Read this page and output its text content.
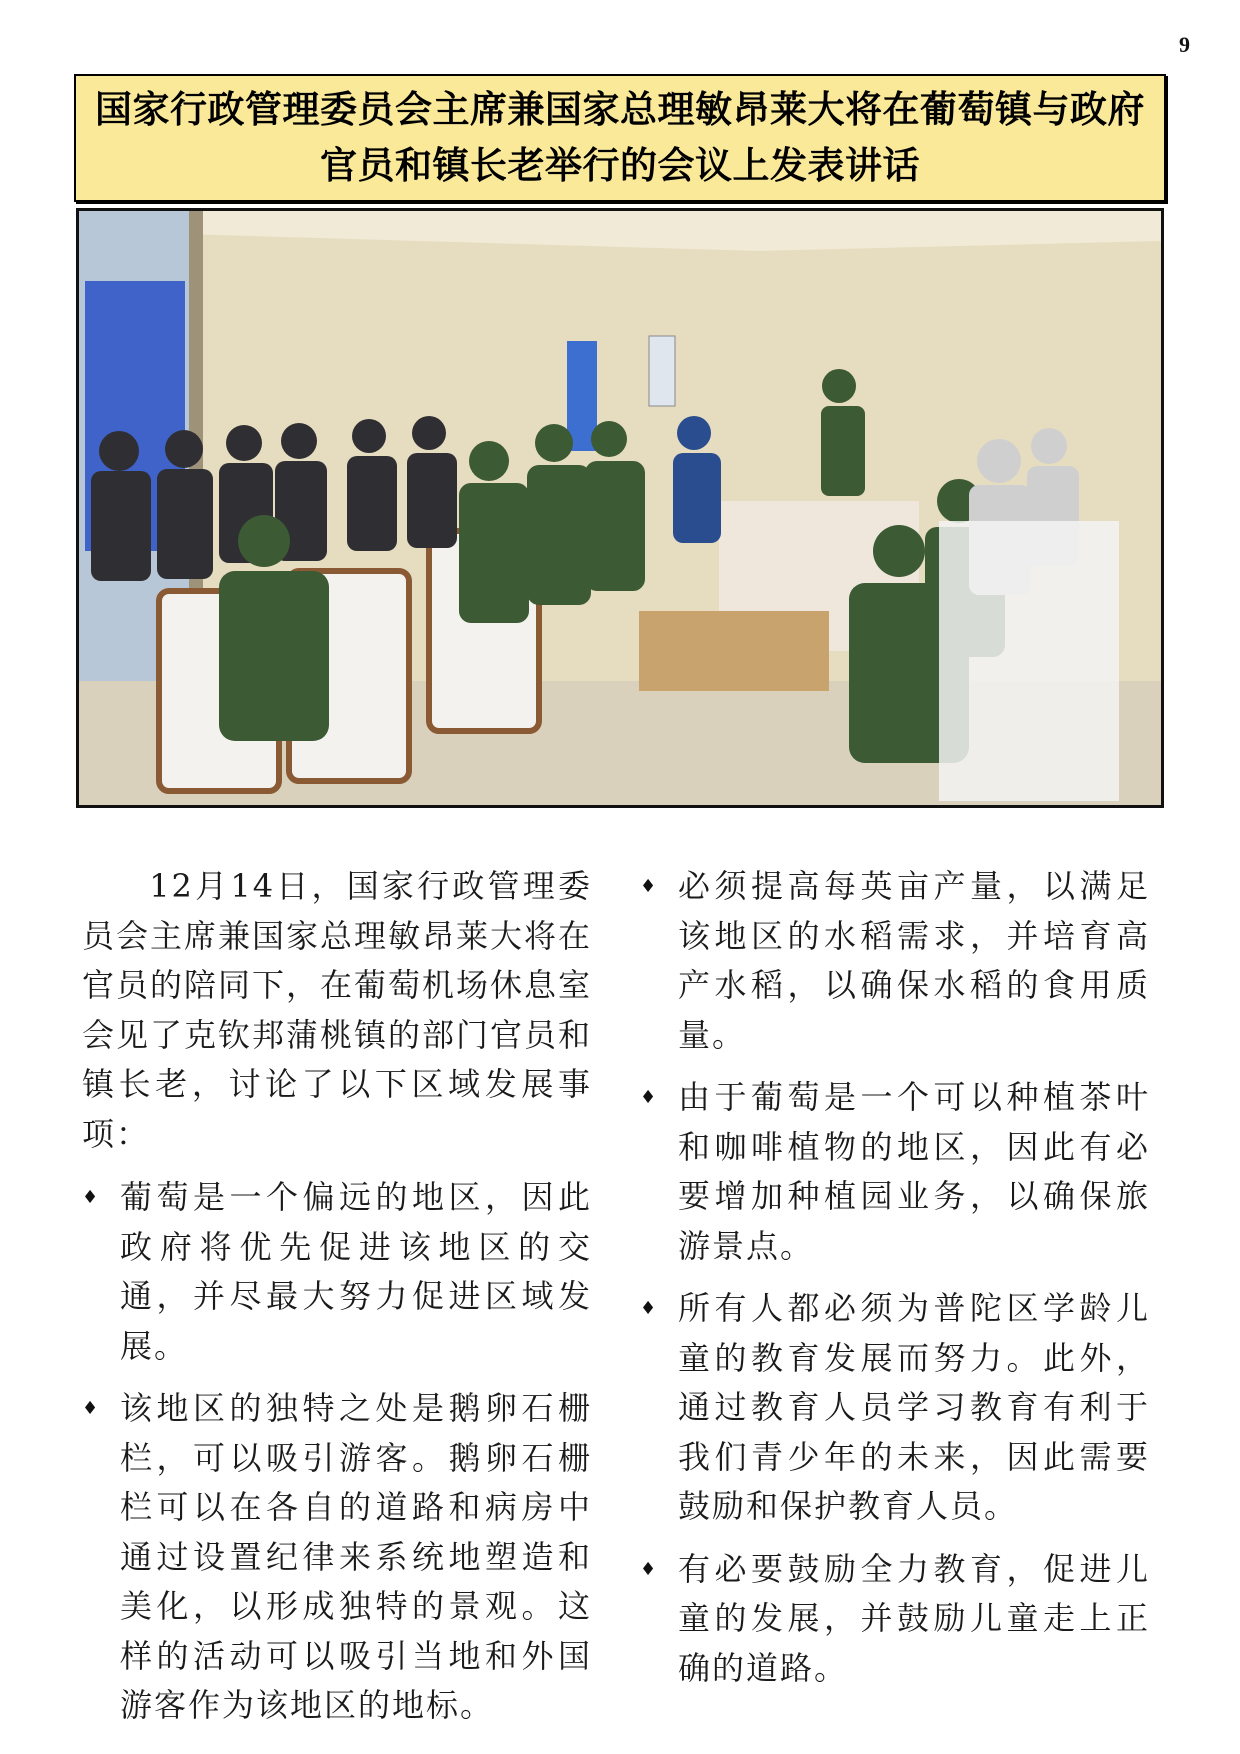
9
国家行政管理委员会主席兼国家总理敏昂莱大将在葡萄镇与政府
官员和镇长老举行的会议上发表讲话

12月14日，国家行政管理委员会主席兼国家总理敏昂莱大将在官员的陪同下，在葡萄机场休息室会见了克钦邦蒲桃镇的部门官员和镇长老，讨论了以下区域发展事项：

♦ 葡萄是一个偏远的地区，因此政府将优先促进该地区的交通，并尽最大努力促进区域发展。
♦ 该地区的独特之处是鹅卵石栅栏，可以吸引游客。鹅卵石栅栏可以在各自的道路和病房中通过设置纪律来系统地塑造和美化，以形成独特的景观。这样的活动可以吸引当地和外国游客作为该地区的地标。
♦ 必须提高每英亩产量，以满足该地区的水稻需求，并培育高产水稻，以确保水稻的食用质量。
♦ 由于葡萄是一个可以种植茶叶和咖啡植物的地区，因此有必要增加种植园业务，以确保旅游景点。
♦ 所有人都必须为普陀区学龄儿童的教育发展而努力。此外，通过教育人员学习教育有利于我们青少年的未来，因此需要鼓励和保护教育人员。
♦ 有必要鼓励全力教育，促进儿童的发展，并鼓励儿童走上正确的道路。
